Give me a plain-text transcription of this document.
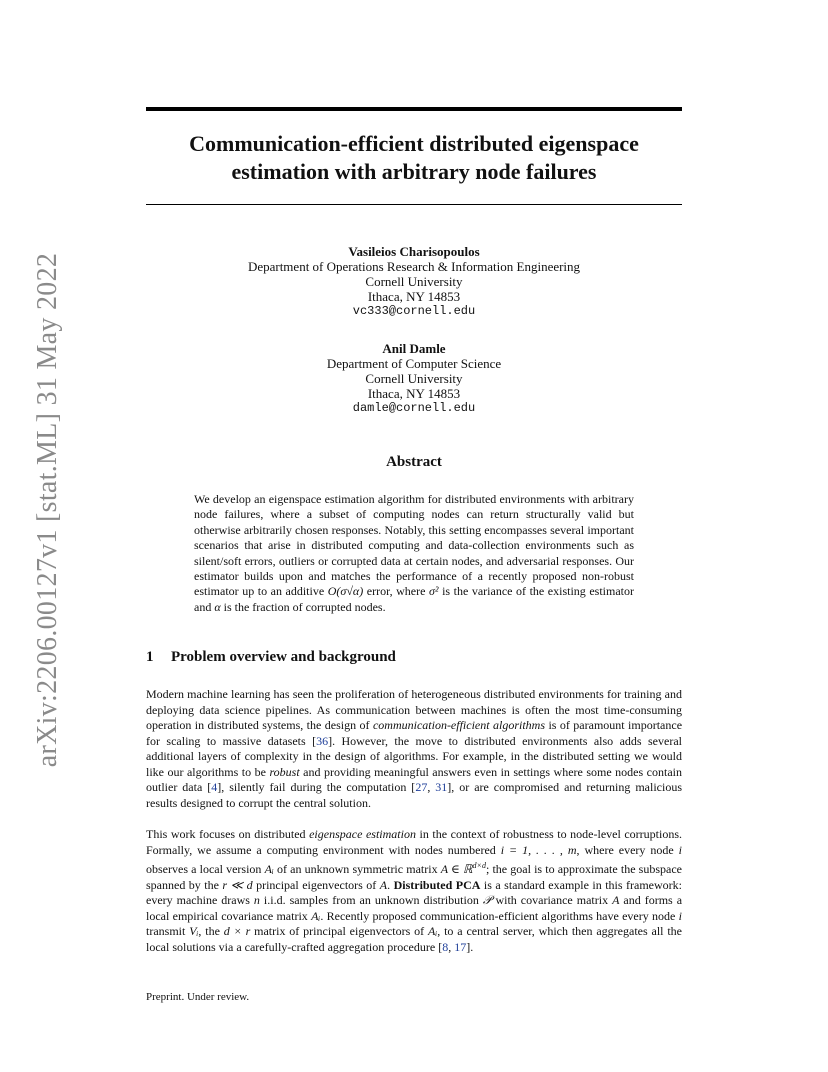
arXiv:2206.00127v1 [stat.ML] 31 May 2022
Communication-efficient distributed eigenspace
estimation with arbitrary node failures
Vasileios Charisopoulos
Department of Operations Research & Information Engineering
Cornell University
Ithaca, NY 14853
vc333@cornell.edu
Anil Damle
Department of Computer Science
Cornell University
Ithaca, NY 14853
damle@cornell.edu
Abstract
We develop an eigenspace estimation algorithm for distributed environments with arbitrary node failures, where a subset of computing nodes can return structurally valid but otherwise arbitrarily chosen responses. Notably, this setting encompasses several important scenarios that arise in distributed computing and data-collection environments such as silent/soft errors, outliers or corrupted data at certain nodes, and adversarial responses. Our estimator builds upon and matches the performance of a recently proposed non-robust estimator up to an additive O(σ√α) error, where σ² is the variance of the existing estimator and α is the fraction of corrupted nodes.
1 Problem overview and background
Modern machine learning has seen the proliferation of heterogeneous distributed environments for training and deploying data science pipelines. As communication between machines is often the most time-consuming operation in distributed systems, the design of communication-efficient algorithms is of paramount importance for scaling to massive datasets [36]. However, the move to distributed environments also adds several additional layers of complexity in the design of algorithms. For example, in the distributed setting we would like our algorithms to be robust and providing meaningful answers even in settings where some nodes contain outlier data [4], silently fail during the computation [27, 31], or are compromised and returning malicious results designed to corrupt the central solution.
This work focuses on distributed eigenspace estimation in the context of robustness to node-level corruptions. Formally, we assume a computing environment with nodes numbered i = 1, . . . , m, where every node i observes a local version Aᵢ of an unknown symmetric matrix A ∈ ℝ$^{d\times d}$; the goal is to approximate the subspace spanned by the r ≪ d principal eigenvectors of A. Distributed PCA is a standard example in this framework: every machine draws n i.i.d. samples from an unknown distribution 𝒫 with covariance matrix A and forms a local empirical covariance matrix Aᵢ. Recently proposed communication-efficient algorithms have every node i transmit Vᵢ, the d × r matrix of principal eigenvectors of Aᵢ, to a central server, which then aggregates all the local solutions via a carefully-crafted aggregation procedure [8, 17].
Preprint. Under review.
